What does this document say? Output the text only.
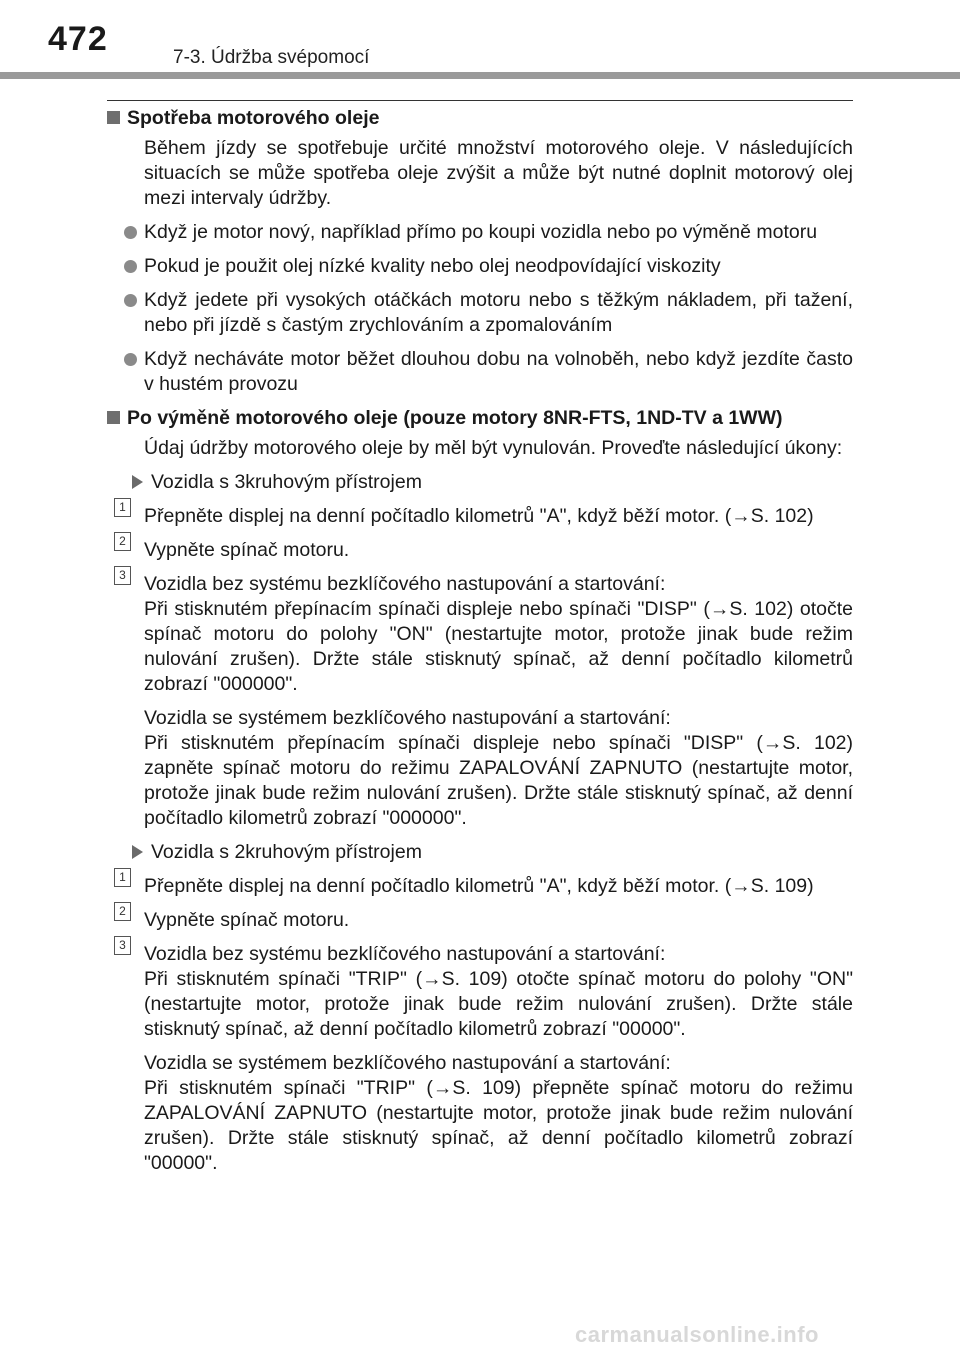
472	7-3. Údržba svépomocí
Spotřeba motorového oleje
Během jízdy se spotřebuje určité množství motorového oleje. V následujících situacích se může spotřeba oleje zvýšit a může být nutné doplnit motorový olej mezi intervaly údržby.
Když je motor nový, například přímo po koupi vozidla nebo po výměně motoru
Pokud je použit olej nízké kvality nebo olej neodpovídající viskozity
Když jedete při vysokých otáčkách motoru nebo s těžkým nákladem, při tažení, nebo při jízdě s častým zrychlováním a zpomalováním
Když necháváte motor běžet dlouhou dobu na volnoběh, nebo když jezdíte často v hustém provozu
Po výměně motorového oleje (pouze motory 8NR-FTS, 1ND-TV a 1WW)
Údaj údržby motorového oleje by měl být vynulován. Proveďte následující úkony:
Vozidla s 3kruhovým přístrojem
1 Přepněte displej na denní počítadlo kilometrů "A", když běží motor. (→S. 102)
2 Vypněte spínač motoru.
3 Vozidla bez systému bezklíčového nastupování a startování:
Při stisknutém přepínacím spínači displeje nebo spínači "DISP" (→S. 102) otočte spínač motoru do polohy "ON" (nestartujte motor, protože jinak bude režim nulování zrušen). Držte stále stisknutý spínač, až denní počítadlo kilometrů zobrazí "000000".
Vozidla se systémem bezklíčového nastupování a startování:
Při stisknutém přepínacím spínači displeje nebo spínači "DISP" (→S. 102) zapněte spínač motoru do režimu ZAPALOVÁNÍ ZAPNUTO (nestartujte motor, protože jinak bude režim nulování zrušen). Držte stále stisknutý spínač, až denní počítadlo kilometrů zobrazí "000000".
Vozidla s 2kruhovým přístrojem
1 Přepněte displej na denní počítadlo kilometrů "A", když běží motor. (→S. 109)
2 Vypněte spínač motoru.
3 Vozidla bez systému bezklíčového nastupování a startování:
Při stisknutém spínači "TRIP" (→S. 109) otočte spínač motoru do polohy "ON" (nestartujte motor, protože jinak bude režim nulování zrušen). Držte stále stisknutý spínač, až denní počítadlo kilometrů zobrazí "00000".
Vozidla se systémem bezklíčového nastupování a startování:
Při stisknutém spínači "TRIP" (→S. 109) přepněte spínač motoru do režimu ZAPALOVÁNÍ ZAPNUTO (nestartujte motor, protože jinak bude režim nulování zrušen). Držte stále stisknutý spínač, až denní počítadlo kilometrů zobrazí "00000".
carmanualsonline.info
